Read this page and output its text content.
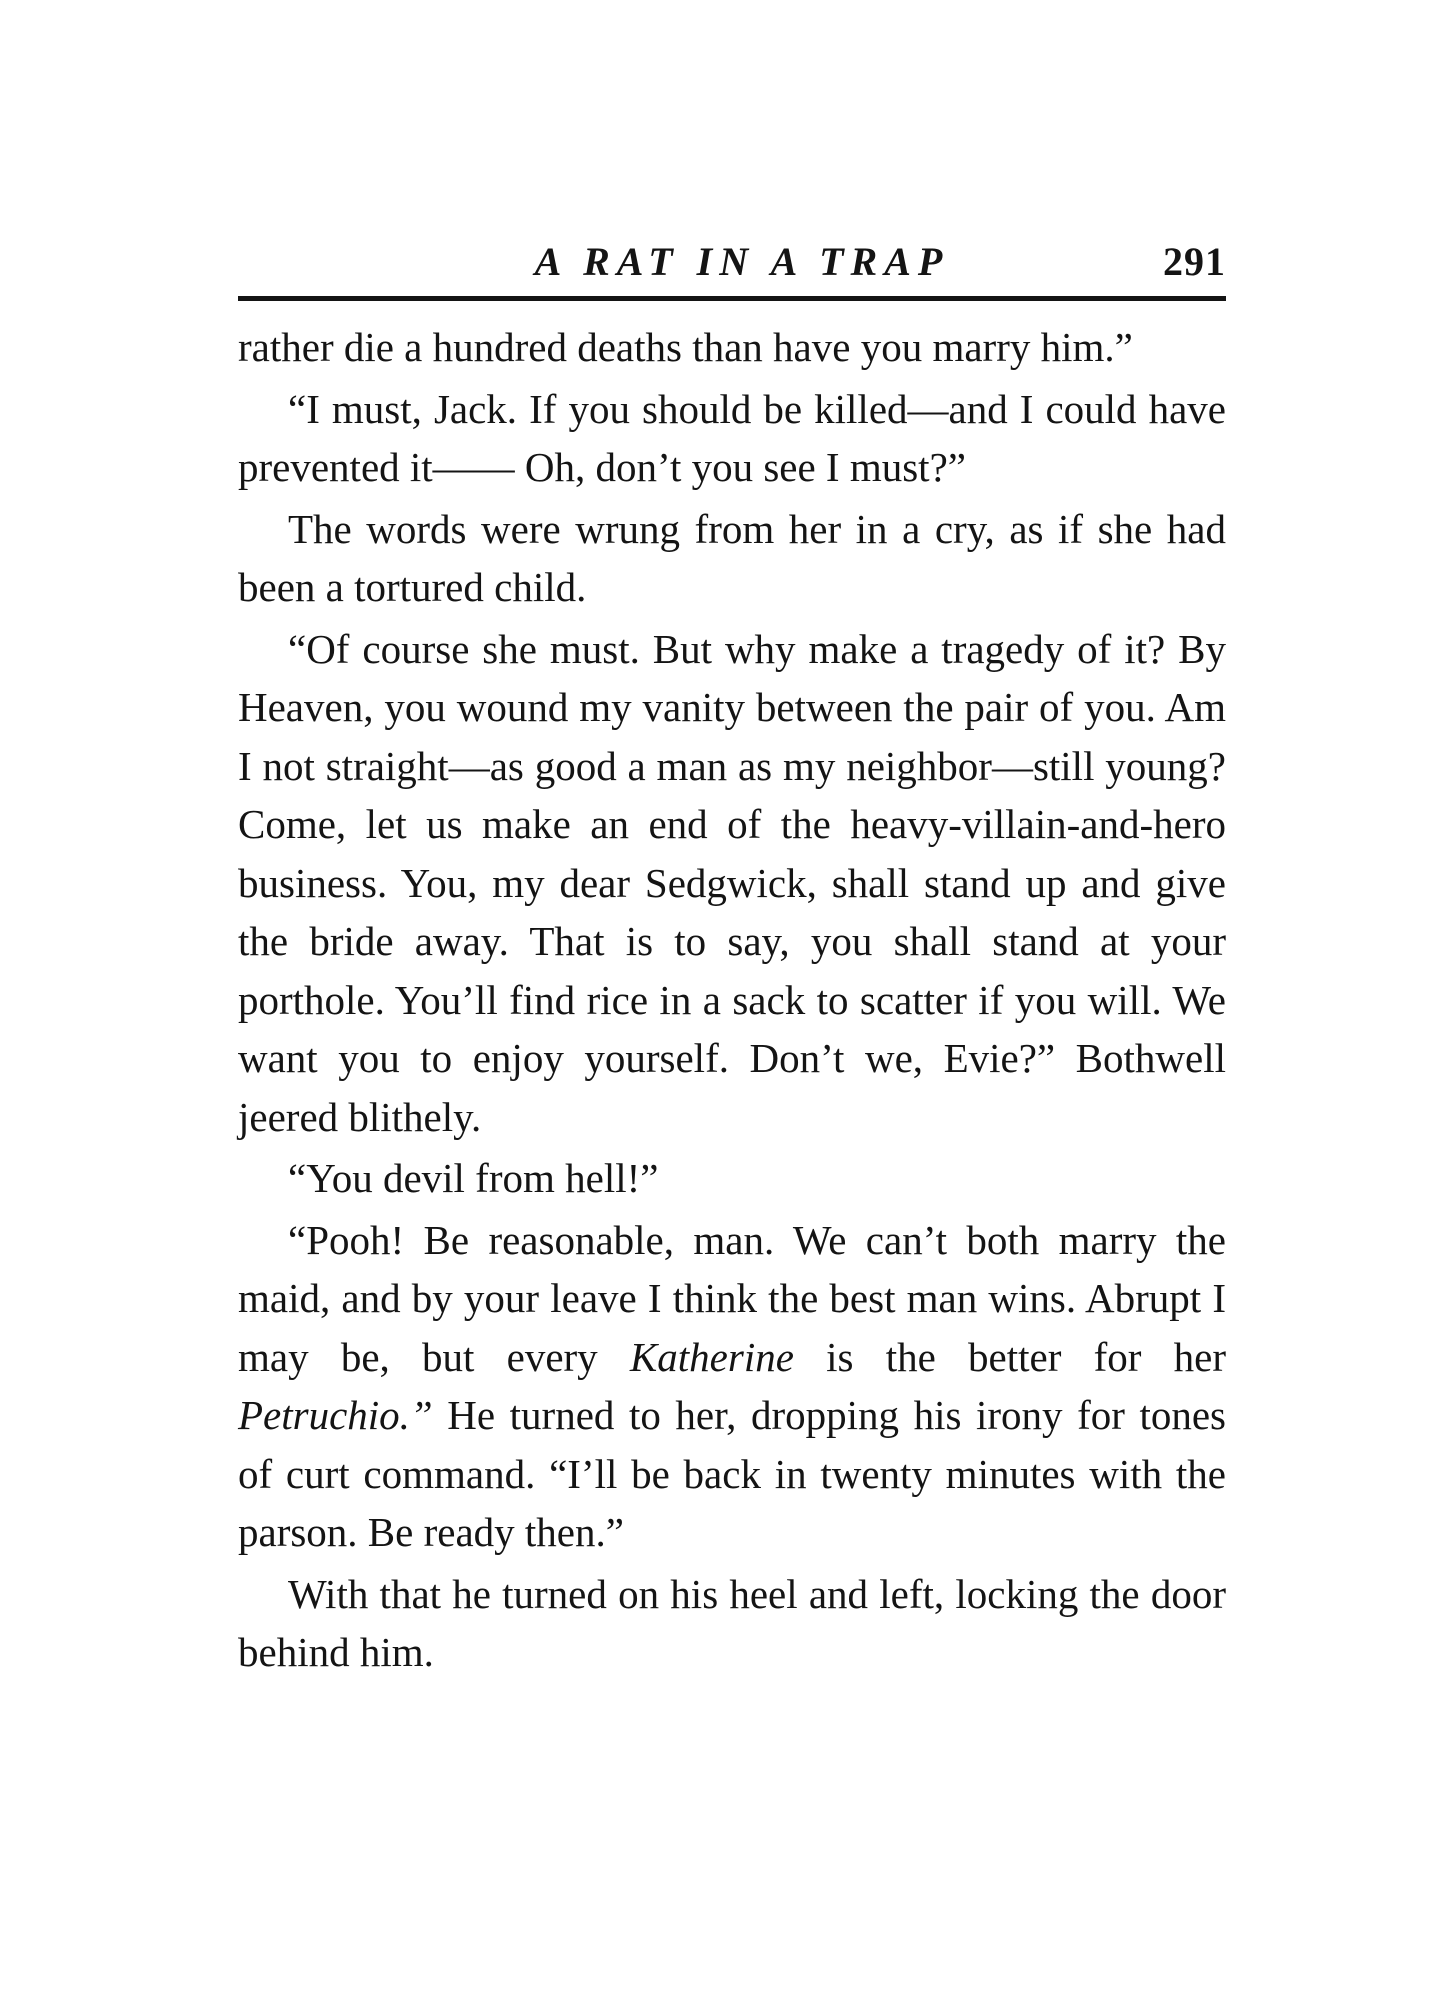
A RAT IN A TRAP	291

rather die a hundred deaths than have you marry him.”

“I must, Jack. If you should be killed—and I could have prevented it—— Oh, don’t you see I must?”

The words were wrung from her in a cry, as if she had been a tortured child.

“Of course she must. But why make a tragedy of it? By Heaven, you wound my vanity between the pair of you. Am I not straight—as good a man as my neighbor—still young? Come, let us make an end of the heavy-villain-and-hero business. You, my dear Sedgwick, shall stand up and give the bride away. That is to say, you shall stand at your porthole. You’ll find rice in a sack to scatter if you will. We want you to enjoy yourself. Don’t we, Evie?” Bothwell jeered blithely.

“You devil from hell!”

“Pooh! Be reasonable, man. We can’t both marry the maid, and by your leave I think the best man wins. Abrupt I may be, but every Katherine is the better for her Petruchio.” He turned to her, dropping his irony for tones of curt command. “I’ll be back in twenty minutes with the parson. Be ready then.”

With that he turned on his heel and left, locking the door behind him.
